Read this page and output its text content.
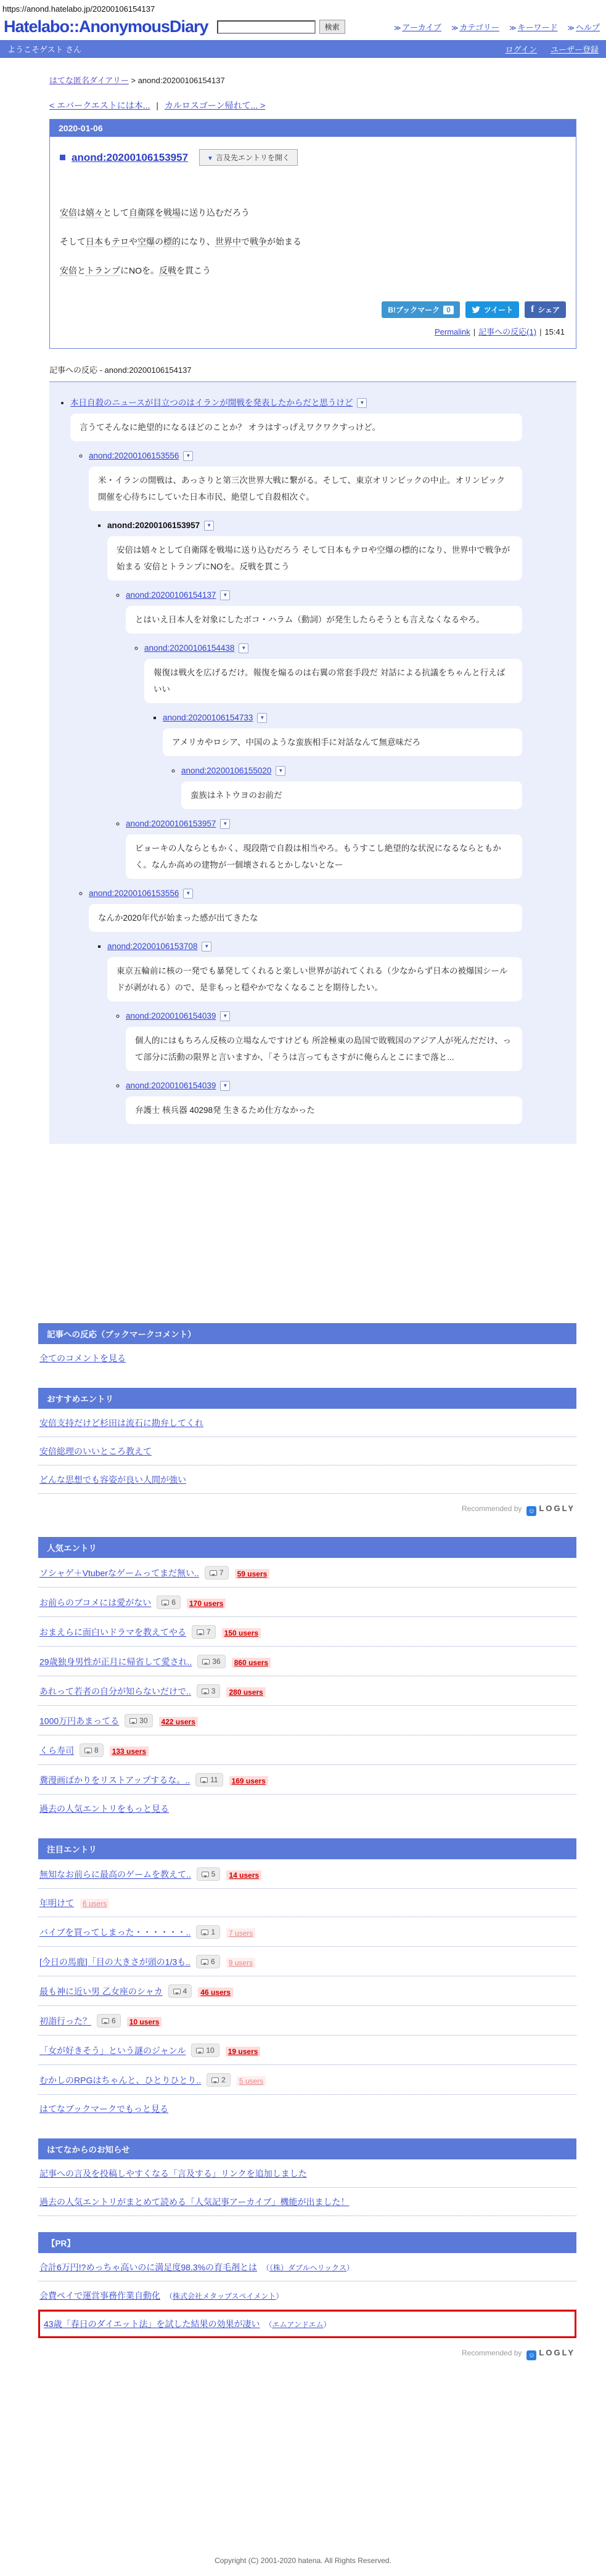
https://anond.hatelabo.jp/20200106154137
Hatelabo::AnonymousDiary	検索	≫ アーカイブ ≫ カテゴリー ≫ キーワード ≫ ヘルプ
ようこそゲスト さん	ログイン ユーザー登録
はてな匿名ダイアリー > anond:20200106154137
< エバークエストには本... | カルロスゴーン帰れて... >
2020-01-06
anond:20200106153957	▼ 言及先エントリを開く

安倍は嬉々として自衛隊を戦場に送り込むだろう

そして日本もテロや空爆の標的になり、世界中で戦争が始まる

安倍とトランプにNOを。反戦を貫こう

B!ブックマーク 0	ツイート f シェア
Permalink | 記事への反応(1) | 15:41
記事への反応 - anond:20200106154137
• 本日自殺のニュースが目立つのはイランが開戦を発表したからだと思うけど ▼
言うてそんなに絶望的になるほどのことか？ オラはすっげえワクワクすっけど。
◦ anond:20200106153556 ▼
米・イランの開戦は、あっさりと第三次世界大戦に繋がる。そして、東京オリンピックの中止。オリンピック開催を心待ちにしていた日本市民、絶望して自殺相次ぐ。
▪ anond:20200106153957 ▼
安倍は嬉々として自衛隊を戦場に送り込むだろう そして日本もテロや空爆の標的になり、世界中で戦争が始まる 安倍とトランプにNOを。反戦を貫こう
◦ anond:20200106154137 ▼
とはいえ日本人を対象にしたボコ・ハラム（動詞）が発生したらそうとも言えなくなるやろ。
◦ anond:20200106154438 ▼
報復は戦火を広げるだけ。報復を煽るのは右翼の常套手段だ 対話による抗議をちゃんと行えばいい
▪ anond:20200106154733 ▼
アメリカやロシア、中国のような蛮族相手に対話なんて無意味だろ
◦ anond:20200106155020 ▼
蛮族はネトウヨのお前だ
◦ anond:20200106153957 ▼
ビョーキの人ならともかく、現段階で自殺は相当やろ。もうすこし絶望的な状況になるならともかく。なんか高めの建物が一個壊されるとかしないとなー
◦ anond:20200106153556 ▼
なんか2020年代が始まった感が出てきたな
▪ anond:20200106153708 ▼
東京五輪前に核の一発でも暴発してくれると楽しい世界が訪れてくれる（少なからず日本の被爆国シールドが剥がれる）ので、是非もっと穏やかでなくなることを期待したい。
◦ anond:20200106154039 ▼
個人的にはもちろん反核の立場なんですけども 所詮極東の島国で敗戦国のアジア人が死んだだけ、って部分に活動の限界と言いますか、「そうは言ってもさすがに俺らんとこにまで落と...
◦ anond:20200106154039 ▼
弁護士 核兵器 40298発 生きるため仕方なかった
記事への反応（ブックマークコメント）
全てのコメントを見る
おすすめエントリ
安倍支持だけど杉田は流石に勘弁してくれ
安倍総理のいいところ教えて
どんな思想でも容姿が良い人間が強い
Recommended by ☺ LOGLY
人気エントリ
ソシャゲ＋Vtuberなゲームってまだ無い..	7 59 users
お前らのブコメには愛がない	6 170 users
おまえらに面白いドラマを教えてやる	7 150 users
29歳独身男性が正月に帰省して愛され..	36 860 users
あれって若者の自分が知らないだけで..	3 280 users
1000万円あまってる	30 422 users
くら寿司	8 133 users
糞漫画ばかりをリストアップするな。..	11 169 users
過去の人気エントリをもっと見る
注目エントリ
無知なお前らに最高のゲームを教えて..	5 14 users
年明けて 6 users
バイブを買ってしまった・・・・・・..	1 7 users
[今日の馬鹿]「目の大きさが頭の1/3も..	6 9 users
最も神に近い男 乙女座のシャカ	4 46 users
初詣行った？	6 10 users
「女が好きそう」という謎のジャンル	10 19 users
むかしのRPGはちゃんと、ひとりひとり..	2 5 users
はてなブックマークでもっと見る
はてなからのお知らせ
記事への言及を投稿しやすくなる「言及する」リンクを追加しました
過去の人気エントリがまとめて読める「人気記事アーカイブ」機能が出ました！
【PR】
合計6万円!?めっちゃ高いのに満足度98.3%の育毛剤とは （（株）ダブルヘリックス）
会費ペイで運営事務作業自動化 （株式会社メタップスペイメント）
43歳「春日のダイエット法」を試した結果の効果が凄い （エムアンドエム）
Recommended by ☺ LOGLY
Copyright (C) 2001-2020 hatena. All Rights Reserved.
